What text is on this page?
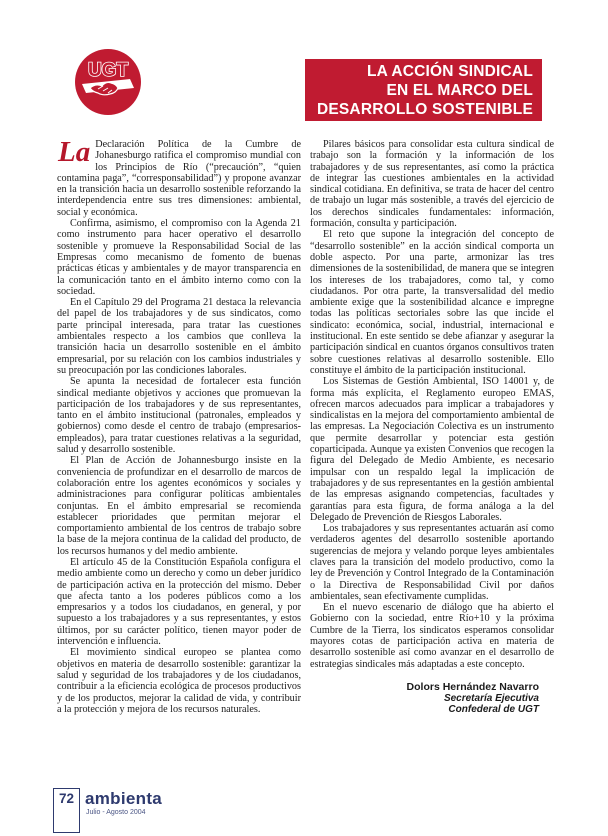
UGT	LA ACCIÓN SINDICAL
EN EL MARCO DEL
DESARROLLO SOSTENIBLE

La Declaración Política de la Cumbre de Johanesburgo ratifica el compromiso mundial con los Principios de Río (“precaución”, “quien contamina paga”, “corresponsabilidad”) y propone avanzar en la transición hacia un desarrollo sostenible reforzando la interdependencia entre sus tres dimensiones: ambiental, social y económica.

Confirma, asimismo, el compromiso con la Agenda 21 como instrumento para hacer operativo el desarrollo sostenible y promueve la Responsabilidad Social de las Empresas como mecanismo de fomento de buenas prácticas éticas y ambientales y de mayor transparencia en la comunicación tanto en el ámbito interno como con la sociedad.

En el Capítulo 29 del Programa 21 destaca la relevancia del papel de los trabajadores y de sus sindicatos, como parte principal interesada, para tratar las cuestiones ambientales respecto a los cambios que conlleva la transición hacia un desarrollo sostenible en el ámbito empresarial, por su relación con los cambios industriales y su preocupación por las condiciones laborales.

Se apunta la necesidad de fortalecer esta función sindical mediante objetivos y acciones que promuevan la participación de los trabajadores y de sus representantes, tanto en el ámbito institucional (patronales, empleados y gobiernos) como desde el centro de trabajo (empresarios-empleados), para tratar cuestiones relativas a la seguridad, salud y desarrollo sostenible.

El Plan de Acción de Johannesburgo insiste en la conveniencia de profundizar en el desarrollo de marcos de colaboración entre los agentes económicos y sociales y administraciones para configurar políticas ambientales conjuntas. En el ámbito empresarial se recomienda establecer prioridades que permitan mejorar el comportamiento ambiental de los centros de trabajo sobre la base de la mejora continua de la calidad del producto, de los recursos humanos y del medio ambiente.

El artículo 45 de la Constitución Española configura el medio ambiente como un derecho y como un deber jurídico de participación activa en la protección del mismo. Deber que afecta tanto a los poderes públicos como a los empresarios y a todos los ciudadanos, en general, y por supuesto a los trabajadores y a sus representantes, y estos últimos, por su carácter político, tienen mayor poder de intervención e influencia.

El movimiento sindical europeo se plantea como objetivos en materia de desarrollo sostenible: garantizar la salud y seguridad de los trabajadores y de los ciudadanos, contribuir a la eficiencia ecológica de procesos productivos y de los productos, mejorar la calidad de vida, y contribuir a la protección y mejora de los recursos naturales.

Pilares básicos para consolidar esta cultura sindical de trabajo son la formación y la información de los trabajadores y de sus representantes, así como la práctica de integrar las cuestiones ambientales en la actividad sindical cotidiana. En definitiva, se trata de hacer del centro de trabajo un lugar más sostenible, a través del ejercicio de los derechos sindicales fundamentales: información, formación, consulta y participación.

El reto que supone la integración del concepto de “desarrollo sostenible” en la acción sindical comporta un doble aspecto. Por una parte, armonizar las tres dimensiones de la sostenibilidad, de manera que se integren los intereses de los trabajadores, como tal, y como ciudadanos. Por otra parte, la transversalidad del medio ambiente exige que la sostenibilidad alcance e impregne todas las políticas sectoriales sobre las que incide el sindicato: económica, social, industrial, internacional e institucional. En este sentido se debe afianzar y asegurar la participación sindical en cuantos órganos consultivos traten sobre cuestiones relativas al desarrollo sostenible. Ello constituye el ámbito de la participación institucional.

Los Sistemas de Gestión Ambiental, ISO 14001 y, de forma más explícita, el Reglamento europeo EMAS, ofrecen marcos adecuados para implicar a trabajadores y sindicalistas en la mejora del comportamiento ambiental de las empresas. La Negociación Colectiva es un instrumento que permite desarrollar y potenciar esta gestión coparticipada. Aunque ya existen Convenios que recogen la figura del Delegado de Medio Ambiente, es necesario impulsar con un respaldo legal la implicación de trabajadores y de sus representantes en la gestión ambiental de las empresas asignando competencias, facultades y garantías para esta figura, de forma análoga a la del Delegado de Prevención de Riesgos Laborales.

Los trabajadores y sus representantes actuarán así como verdaderos agentes del desarrollo sostenible aportando sugerencias de mejora y velando porque leyes ambientales claves para la transición del modelo productivo, como la ley de Prevención y Control Integrado de la Contaminación o la Directiva de Responsabilidad Civil por daños ambientales, sean efectivamente cumplidas.

En el nuevo escenario de diálogo que ha abierto el Gobierno con la sociedad, entre Río+10 y la próxima Cumbre de la Tierra, los sindicatos esperamos consolidar mayores cotas de participación activa en materia de desarrollo sostenible así como avanzar en el desarrollo de estrategias sindicales más adaptadas a este concepto.

Dolors Hernández Navarro
Secretaría Ejecutiva
Confederal de UGT
72 ambienta
Julio - Agosto 2004
